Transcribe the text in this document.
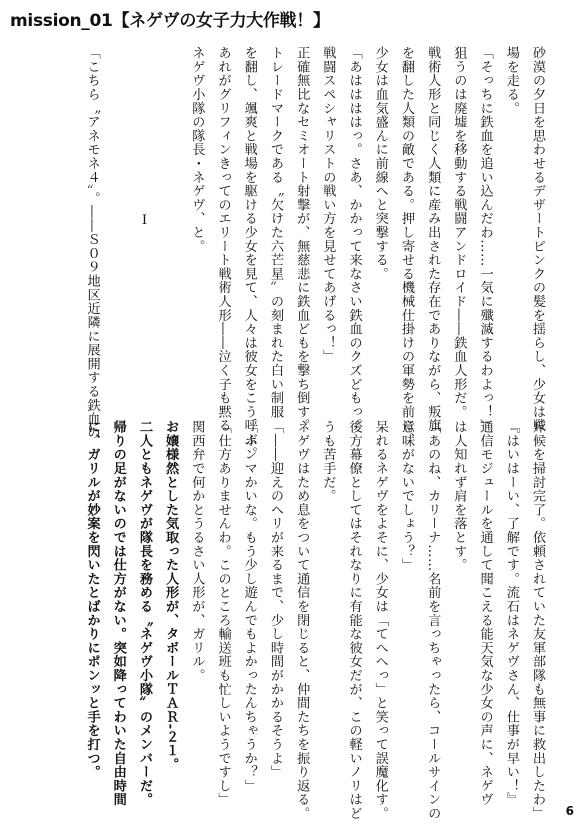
mission_01【ネゲヴの女子力大作戦！】
砂漠の夕日を思わせるデザートピンクの髪を揺らし、少女は戦
場を走る。
「そっちに鉄血を追い込んだわ……一気に殲滅するわよっ！」
狙うのは廃墟を移動する戦闘アンドロイド――鉄血人形だ。
戦術人形と同じく人類に産み出された存在でありながら、叛旗
を翻した人類の敵である。押し寄せる機械仕掛けの軍勢を前に、
少女は血気盛んに前線へと突撃する。
「あははははっ。さあ、かかって来なさい鉄血のクズどもっ。
戦闘スペシャリストの戦い方を見せてあげるっ！」
正確無比なセミオート射撃が、無慈悲に鉄血どもを撃ち倒す。
トレードマークである〝欠けた六芒星〟の刻まれた白い制服
を翻し、颯爽と戦場を駆ける少女を見て、人々は彼女をこう呼ぶ。
あれがグリフィンきってのエリート戦術人形――泣く子も黙る
ネゲヴ小隊の隊長・ネゲヴ、と。

Ⅰ

「こちら〝アネモネ４〟。――Ｓ０９地区近隣に展開する鉄血の
斥候を掃討完了。依頼されていた友軍部隊も無事に救出したわ」
『はいはーい、了解です。流石はネゲヴさん、仕事が早い！』
通信モジュールを通して聞こえる能天気な少女の声に、ネゲヴ
は人知れず肩を落とす。
「あのね、カリーナ……名前を言っちゃったら、コールサインの
意味がないでしょう？」
呆れるネゲヴをよそに、少女は「てへへっ」と笑って誤魔化す。
後方幕僚としてはそれなりに有能な彼女だが、この軽いノリはど
うも苦手だ。
ネゲヴはため息をついて通信を閉じると、仲間たちを振り返る。
「――迎えのヘリが来るまで、少し時間がかかるそうよ」
「ホンマかいな。もう少し遊んでもよかったんちゃうか？」
「仕方ありませんわ。このところ輸送班も忙しいようですし」
関西弁で何かとうるさい人形が、ガリル。
お嬢様然とした気取った人形が、タボールＴＡＲ‐２１。
二人ともネゲヴが隊長を務める〝ネゲヴ小隊〟のメンバーだ。
帰りの足がないのでは仕方がない。突如降ってわいた自由時間
に、ガリルが妙案を閃いたとばかりにポンッと手を打つ。
6
